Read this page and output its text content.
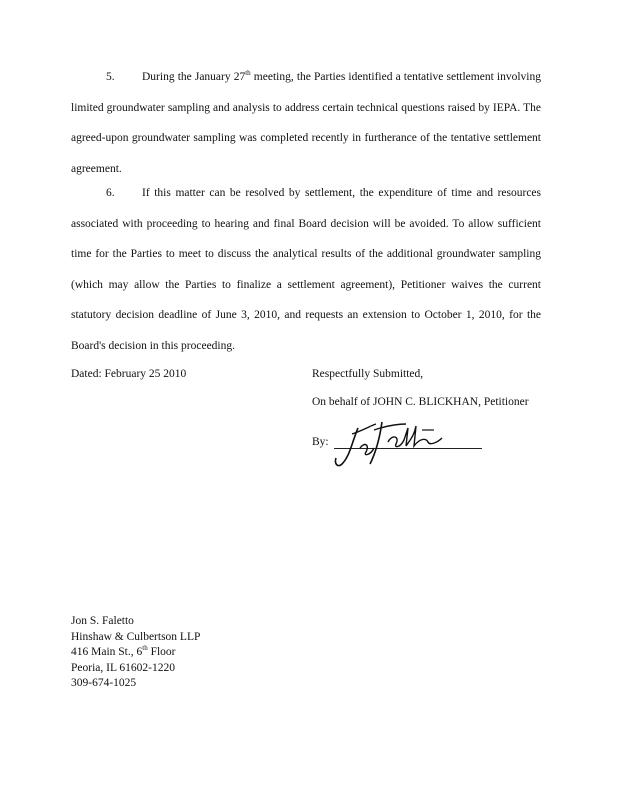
5. During the January 27th meeting, the Parties identified a tentative settlement involving limited groundwater sampling and analysis to address certain technical questions raised by IEPA. The agreed-upon groundwater sampling was completed recently in furtherance of the tentative settlement agreement.
6. If this matter can be resolved by settlement, the expenditure of time and resources associated with proceeding to hearing and final Board decision will be avoided. To allow sufficient time for the Parties to meet to discuss the analytical results of the additional groundwater sampling (which may allow the Parties to finalize a settlement agreement), Petitioner waives the current statutory decision deadline of June 3, 2010, and requests an extension to October 1, 2010, for the Board's decision in this proceeding.
Dated: February 25 2010	Respectfully Submitted,
On behalf of JOHN C. BLICKHAN, Petitioner
By:
Jon S. Faletto
Hinshaw & Culbertson LLP
416 Main St., 6th Floor
Peoria, IL 61602-1220
309-674-1025
